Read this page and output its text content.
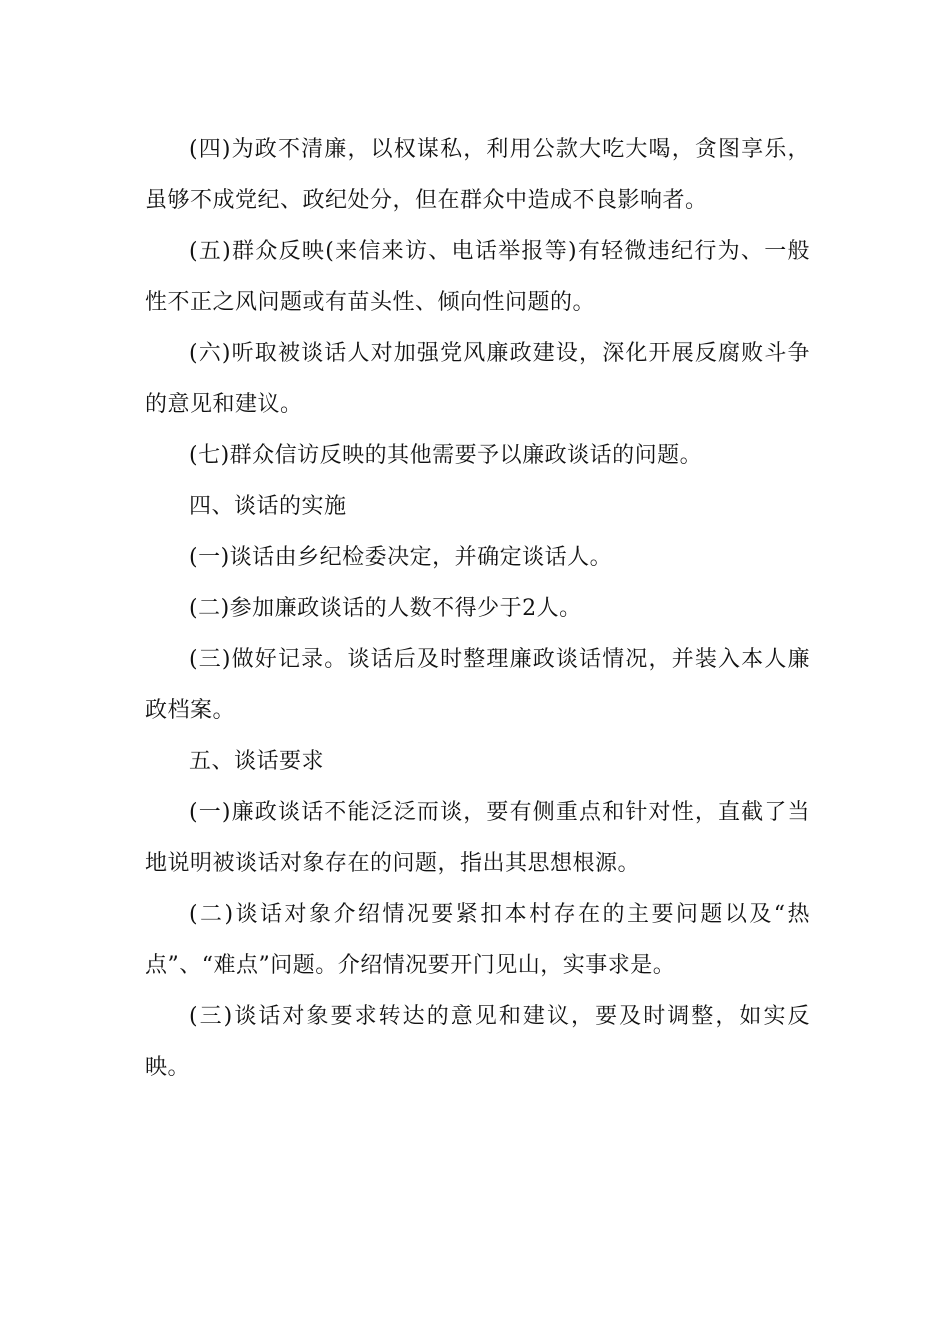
(四)为政不清廉，以权谋私，利用公款大吃大喝，贪图享乐，虽够不成党纪、政纪处分，但在群众中造成不良影响者。

(五)群众反映(来信来访、电话举报等)有轻微违纪行为、一般性不正之风问题或有苗头性、倾向性问题的。

(六)听取被谈话人对加强党风廉政建设，深化开展反腐败斗争的意见和建议。

(七)群众信访反映的其他需要予以廉政谈话的问题。

四、谈话的实施

(一)谈话由乡纪检委决定，并确定谈话人。

(二)参加廉政谈话的人数不得少于2人。

(三)做好记录。谈话后及时整理廉政谈话情况，并装入本人廉政档案。

五、谈话要求

(一)廉政谈话不能泛泛而谈，要有侧重点和针对性，直截了当地说明被谈话对象存在的问题，指出其思想根源。

(二)谈话对象介绍情况要紧扣本村存在的主要问题以及“热点”、“难点”问题。介绍情况要开门见山，实事求是。

(三)谈话对象要求转达的意见和建议，要及时调整，如实反映。
